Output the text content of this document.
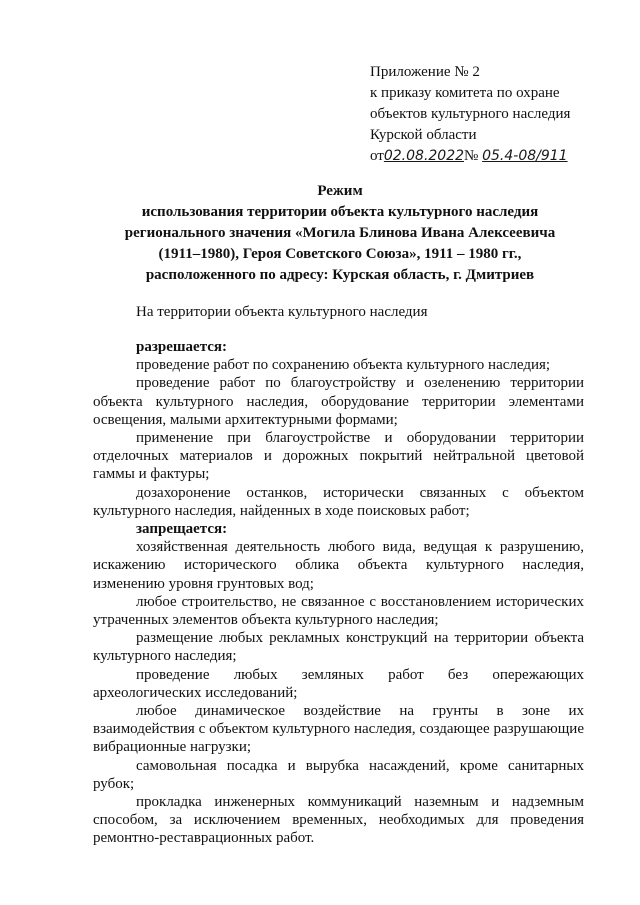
Приложение № 2
к приказу комитета по охране
объектов культурного наследия
Курской области
от02.08.2022№ 05.4-08/911
Режим
использования территории объекта культурного наследия
регионального значения «Могила Блинова Ивана Алексеевича
(1911–1980), Героя Советского Союза», 1911 – 1980 гг.,
расположенного по адресу: Курская область, г. Дмитриев
На территории объекта культурного наследия

разрешается:

проведение работ по сохранению объекта культурного наследия;

проведение работ по благоустройству и озеленению территории объекта культурного наследия, оборудование территории элементами освещения, малыми архитектурными формами;

применение при благоустройстве и оборудовании территории отделочных материалов и дорожных покрытий нейтральной цветовой гаммы и фактуры;

дозахоронение останков, исторически связанных с объектом культурного наследия, найденных в ходе поисковых работ;

запрещается:

хозяйственная деятельность любого вида, ведущая к разрушению, искажению исторического облика объекта культурного наследия, изменению уровня грунтовых вод;

любое строительство, не связанное с восстановлением исторических утраченных элементов объекта культурного наследия;

размещение любых рекламных конструкций на территории объекта культурного наследия;

проведение любых земляных работ без опережающих археологических исследований;

любое динамическое воздействие на грунты в зоне их взаимодействия с объектом культурного наследия, создающее разрушающие вибрационные нагрузки;

самовольная посадка и вырубка насаждений, кроме санитарных рубок;

прокладка инженерных коммуникаций наземным и надземным способом, за исключением временных, необходимых для проведения ремонтно-реставрационных работ.
